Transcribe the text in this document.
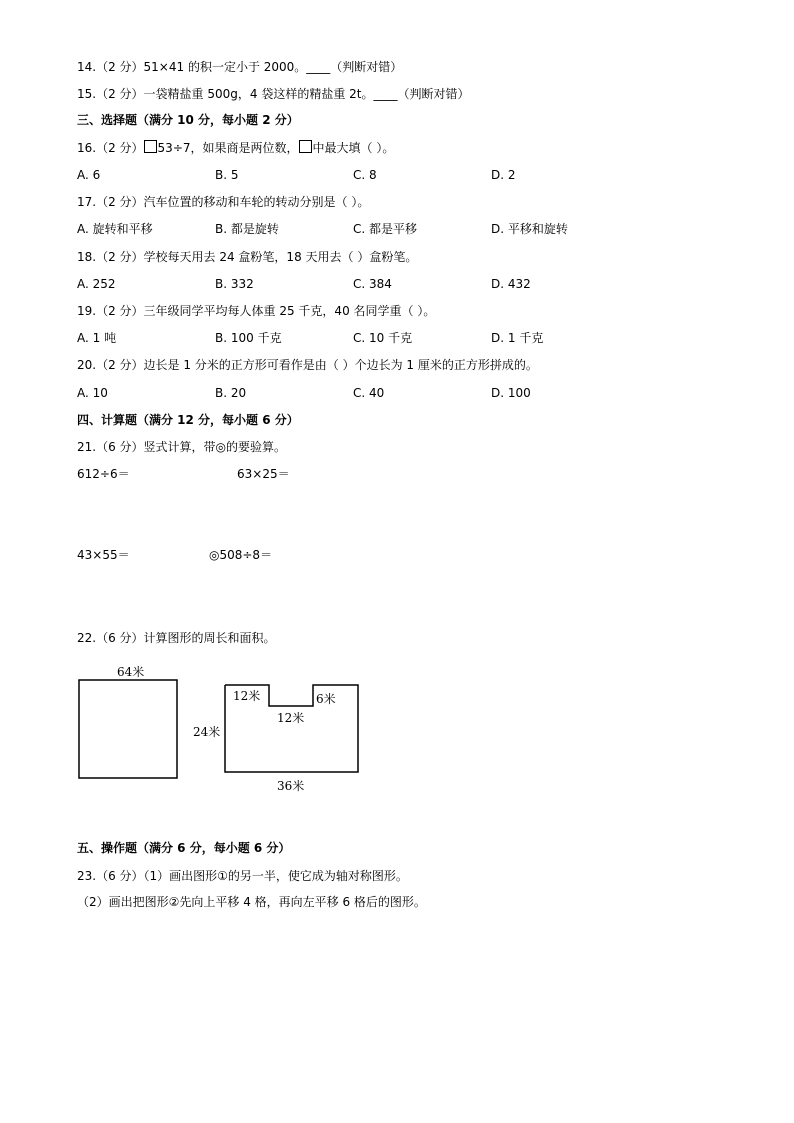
14.（2 分）51×41 的积一定小于 2000。____（判断对错）
15.（2 分）一袋精盐重 500g，4 袋这样的精盐重 2t。____（判断对错）
三、选择题（满分 10 分，每小题 2 分）
16.（2 分） 53÷7，如果商是两位数， 中最大填（ ）。
A. 6	B. 5	C. 8	D. 2
17.（2 分）汽车位置的移动和车轮的转动分别是（ ）。
A. 旋转和平移	B. 都是旋转	C. 都是平移	D. 平移和旋转
18.（2 分）学校每天用去 24 盒粉笔，18 天用去（ ）盒粉笔。
A. 252	B. 332	C. 384	D. 432
19.（2 分）三年级同学平均每人体重 25 千克，40 名同学重（ ）。
A. 1 吨	B. 100 千克	C. 10 千克	D. 1 千克
20.（2 分）边长是 1 分米的正方形可看作是由（ ）个边长为 1 厘米的正方形拼成的。
A. 10	B. 20	C. 40	D. 100
四、计算题（满分 12 分，每小题 6 分）
21.（6 分）竖式计算，带◎的要验算。
612÷6＝	63×25＝
43×55＝	◎508÷8＝
22.（6 分）计算图形的周长和面积。
64米
12米
12米
6米
24米
36米
五、操作题（满分 6 分，每小题 6 分）
23.（6 分）（1）画出图形①的另一半，使它成为轴对称图形。
（2）画出把图形②先向上平移 4 格，再向左平移 6 格后的图形。
